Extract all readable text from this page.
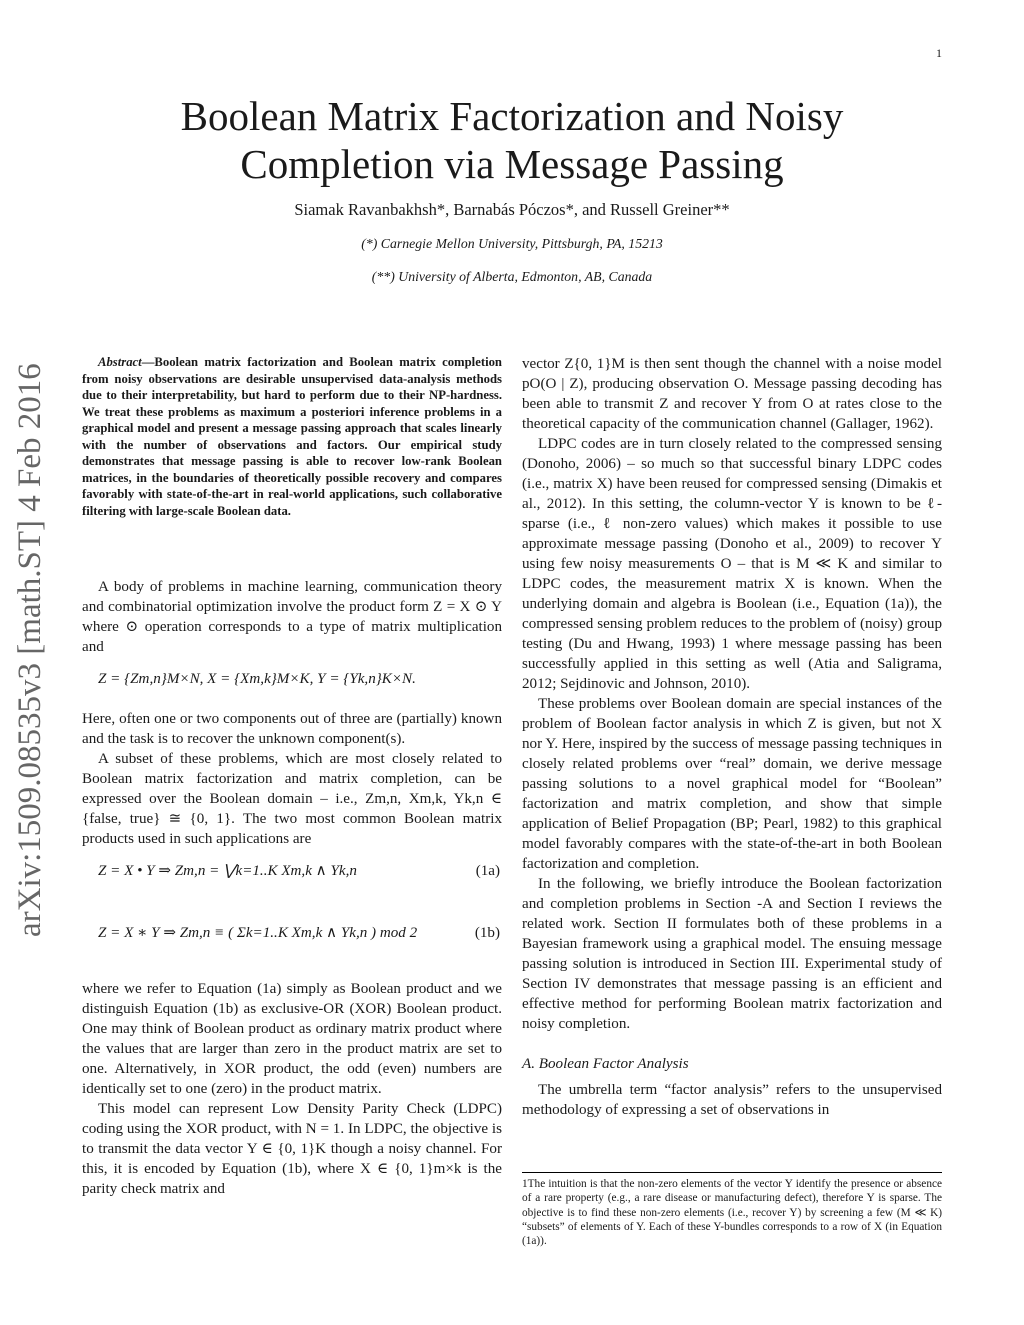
1
arXiv:1509.08535v3 [math.ST] 4 Feb 2016
Boolean Matrix Factorization and Noisy Completion via Message Passing
Siamak Ravanbakhsh*, Barnabás Póczos*, and Russell Greiner**
(*) Carnegie Mellon University, Pittsburgh, PA, 15213
(**) University of Alberta, Edmonton, AB, Canada

Abstract—Boolean matrix factorization and Boolean matrix completion from noisy observations are desirable unsupervised data-analysis methods due to their interpretability, but hard to perform due to their NP-hardness. We treat these problems as maximum a posteriori inference problems in a graphical model and present a message passing approach that scales linearly with the number of observations and factors. Our empirical study demonstrates that message passing is able to recover low-rank Boolean matrices, in the boundaries of theoretically possible recovery and compares favorably with state-of-the-art in real-world applications, such collaborative filtering with large-scale Boolean data.

A body of problems in machine learning, communication theory and combinatorial optimization involve the product form Z = X ⊙ Y where ⊙ operation corresponds to a type of matrix multiplication and

Z = {Zm,n}M×N, X = {Xm,k}M×K, Y = {Yk,n}K×N.

Here, often one or two components out of three are (partially) known and the task is to recover the unknown component(s).

A subset of these problems, which are most closely related to Boolean matrix factorization and matrix completion, can be expressed over the Boolean domain – i.e., Zm,n, Xm,k, Yk,n ∈ {false, true} ≅ {0, 1}. The two most common Boolean matrix products used in such applications are

Z = X • Y ⇒ Zm,n = ⋁k=1..K Xm,k ∧ Yk,n	(1a)
Z = X ∗ Y ⇒ Zm,n ≡ ( Σk=1..K Xm,k ∧ Yk,n ) mod 2	(1b)

where we refer to Equation (1a) simply as Boolean product and we distinguish Equation (1b) as exclusive-OR (XOR) Boolean product. One may think of Boolean product as ordinary matrix product where the values that are larger than zero in the product matrix are set to one. Alternatively, in XOR product, the odd (even) numbers are identically set to one (zero) in the product matrix.

This model can represent Low Density Parity Check (LDPC) coding using the XOR product, with N = 1. In LDPC, the objective is to transmit the data vector Y ∈ {0, 1}K though a noisy channel. For this, it is encoded by Equation (1b), where X ∈ {0, 1}m×k is the parity check matrix and

vector Z{0, 1}M is then sent though the channel with a noise model pO(O | Z), producing observation O. Message passing decoding has been able to transmit Z and recover Y from O at rates close to the theoretical capacity of the communication channel (Gallager, 1962).

LDPC codes are in turn closely related to the compressed sensing (Donoho, 2006) – so much so that successful binary LDPC codes (i.e., matrix X) have been reused for compressed sensing (Dimakis et al., 2012). In this setting, the column-vector Y is known to be ℓ-sparse (i.e., ℓ non-zero values) which makes it possible to use approximate message passing (Donoho et al., 2009) to recover Y using few noisy measurements O – that is M ≪ K and similar to LDPC codes, the measurement matrix X is known. When the underlying domain and algebra is Boolean (i.e., Equation (1a)), the compressed sensing problem reduces to the problem of (noisy) group testing (Du and Hwang, 1993) 1 where message passing has been successfully applied in this setting as well (Atia and Saligrama, 2012; Sejdinovic and Johnson, 2010).

These problems over Boolean domain are special instances of the problem of Boolean factor analysis in which Z is given, but not X nor Y. Here, inspired by the success of message passing techniques in closely related problems over “real” domain, we derive message passing solutions to a novel graphical model for “Boolean” factorization and matrix completion, and show that simple application of Belief Propagation (BP; Pearl, 1982) to this graphical model favorably compares with the state-of-the-art in both Boolean factorization and completion.

In the following, we briefly introduce the Boolean factorization and completion problems in Section -A and Section I reviews the related work. Section II formulates both of these problems in a Bayesian framework using a graphical model. The ensuing message passing solution is introduced in Section III. Experimental study of Section IV demonstrates that message passing is an efficient and effective method for performing Boolean matrix factorization and noisy completion.

A. Boolean Factor Analysis

The umbrella term “factor analysis” refers to the unsupervised methodology of expressing a set of observations in

1The intuition is that the non-zero elements of the vector Y identify the presence or absence of a rare property (e.g., a rare disease or manufacturing defect), therefore Y is sparse. The objective is to find these non-zero elements (i.e., recover Y) by screening a few (M ≪ K) “subsets” of elements of Y. Each of these Y-bundles corresponds to a row of X (in Equation (1a)).
